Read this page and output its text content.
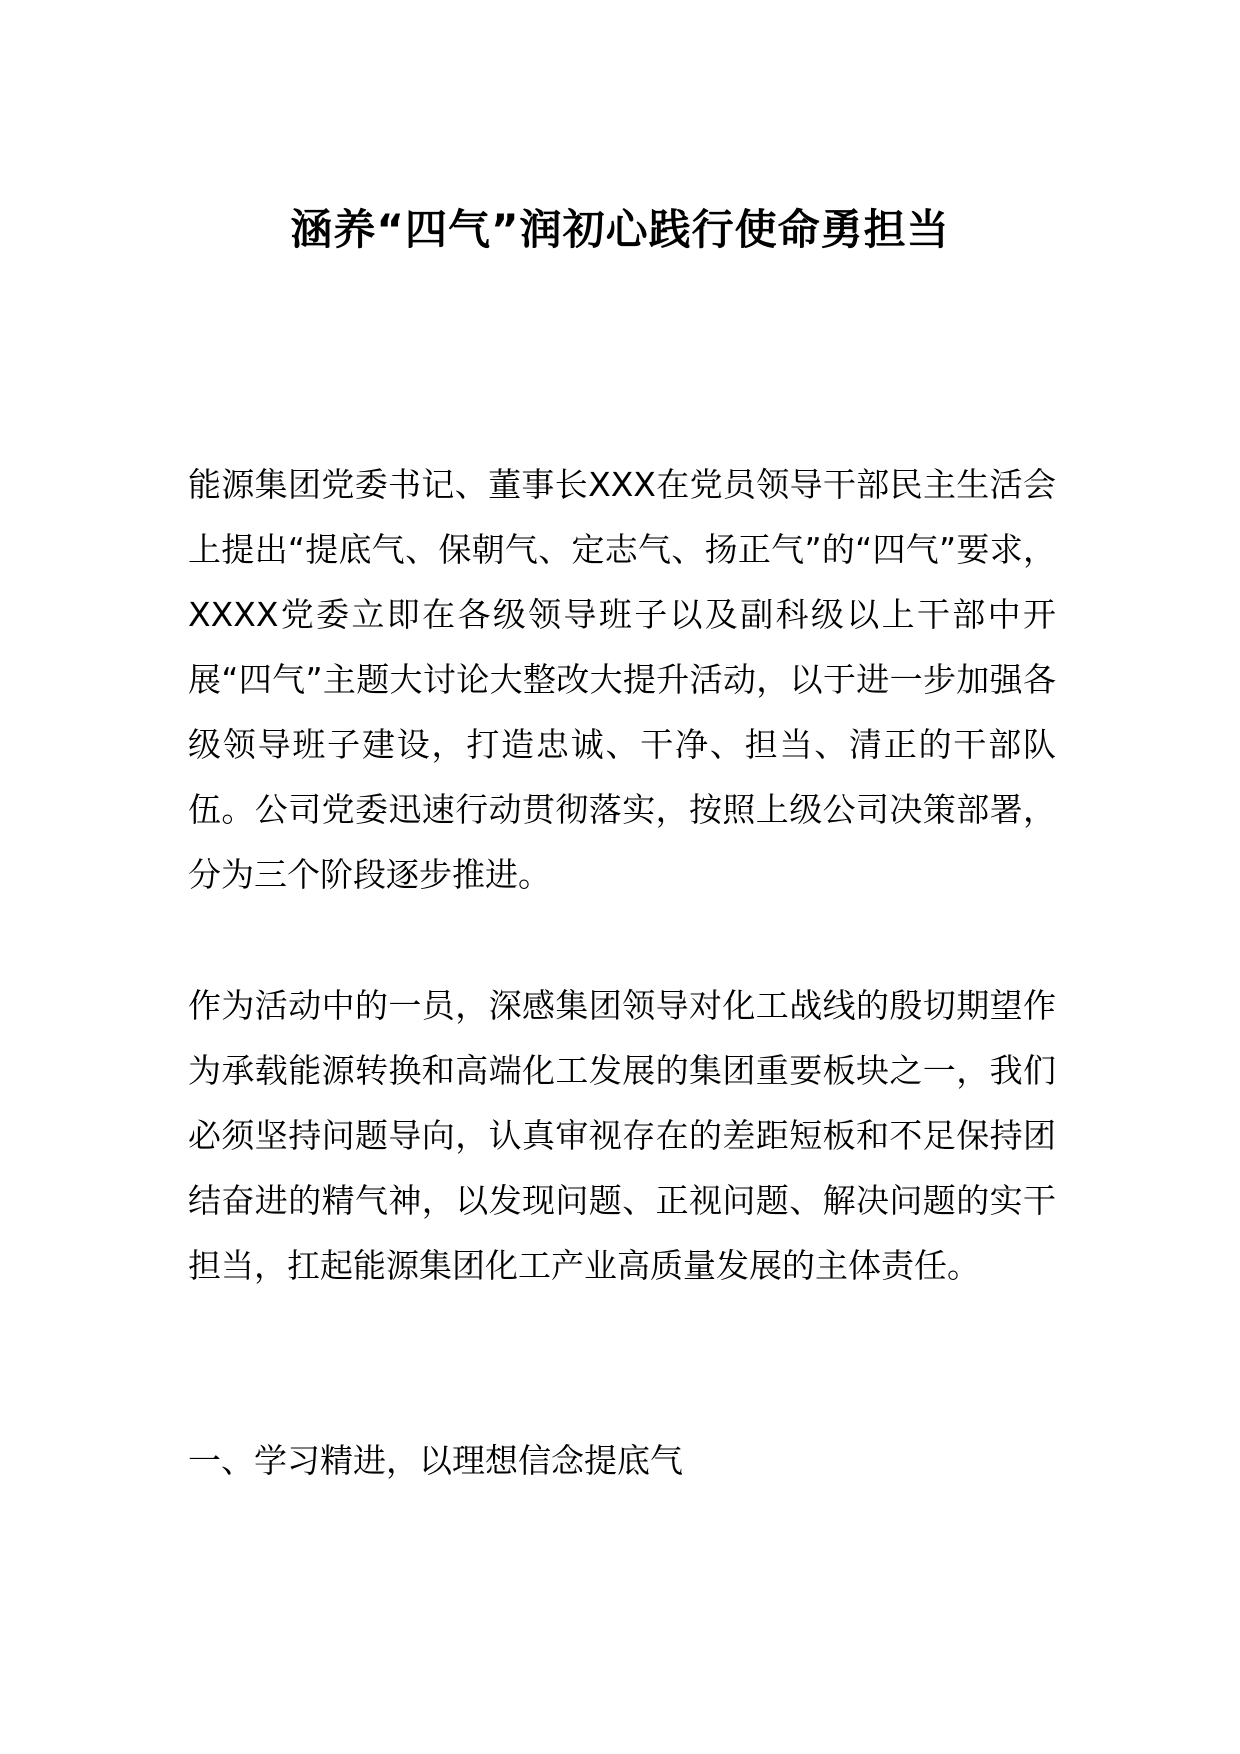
涵养“四气”润初心践行使命勇担当

能源集团党委书记、董事长XXX在党员领导干部民主生活会上提出“提底气、保朝气、定志气、扬正气”的“四气”要求，XXXX党委立即在各级领导班子以及副科级以上干部中开展“四气”主题大讨论大整改大提升活动，以于进一步加强各级领导班子建设，打造忠诚、干净、担当、清正的干部队伍。公司党委迅速行动贯彻落实，按照上级公司决策部署，分为三个阶段逐步推进。

作为活动中的一员，深感集团领导对化工战线的殷切期望作为承载能源转换和高端化工发展的集团重要板块之一，我们必须坚持问题导向，认真审视存在的差距短板和不足保持团结奋进的精气神，以发现问题、正视问题、解决问题的实干担当，扛起能源集团化工产业高质量发展的主体责任。

一、学习精进，以理想信念提底气
